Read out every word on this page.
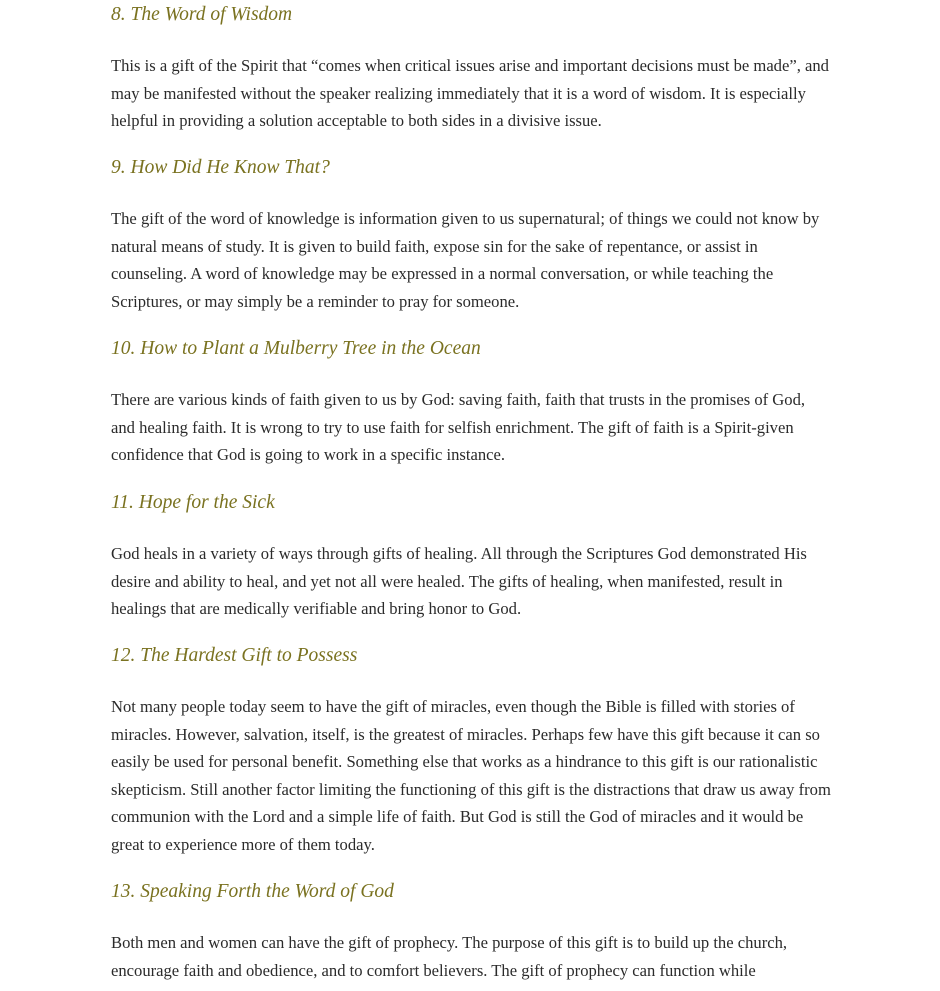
8. The Word of Wisdom

This is a gift of the Spirit that “comes when critical issues arise and important decisions must be made”, and may be manifested without the speaker realizing immediately that it is a word of wisdom. It is especially helpful in providing a solution acceptable to both sides in a divisive issue.

9. How Did He Know That?

The gift of the word of knowledge is information given to us supernatural; of things we could not know by natural means of study. It is given to build faith, expose sin for the sake of repentance, or assist in counseling. A word of knowledge may be expressed in a normal conversation, or while teaching the Scriptures, or may simply be a reminder to pray for someone.

10. How to Plant a Mulberry Tree in the Ocean

There are various kinds of faith given to us by God: saving faith, faith that trusts in the promises of God, and healing faith. It is wrong to try to use faith for selfish enrichment. The gift of faith is a Spirit-given confidence that God is going to work in a specific instance.

11. Hope for the Sick

God heals in a variety of ways through gifts of healing. All through the Scriptures God demonstrated His desire and ability to heal, and yet not all were healed. The gifts of healing, when manifested, result in healings that are medically verifiable and bring honor to God.

12. The Hardest Gift to Possess

Not many people today seem to have the gift of miracles, even though the Bible is filled with stories of miracles. However, salvation, itself, is the greatest of miracles. Perhaps few have this gift because it can so easily be used for personal benefit. Something else that works as a hindrance to this gift is our rationalistic skepticism. Still another factor limiting the functioning of this gift is the distractions that draw us away from communion with the Lord and a simple life of faith. But God is still the God of miracles and it would be great to experience more of them today.

13. Speaking Forth the Word of God

Both men and women can have the gift of prophecy. The purpose of this gift is to build up the church, encourage faith and obedience, and to comfort believers. The gift of prophecy can function while
